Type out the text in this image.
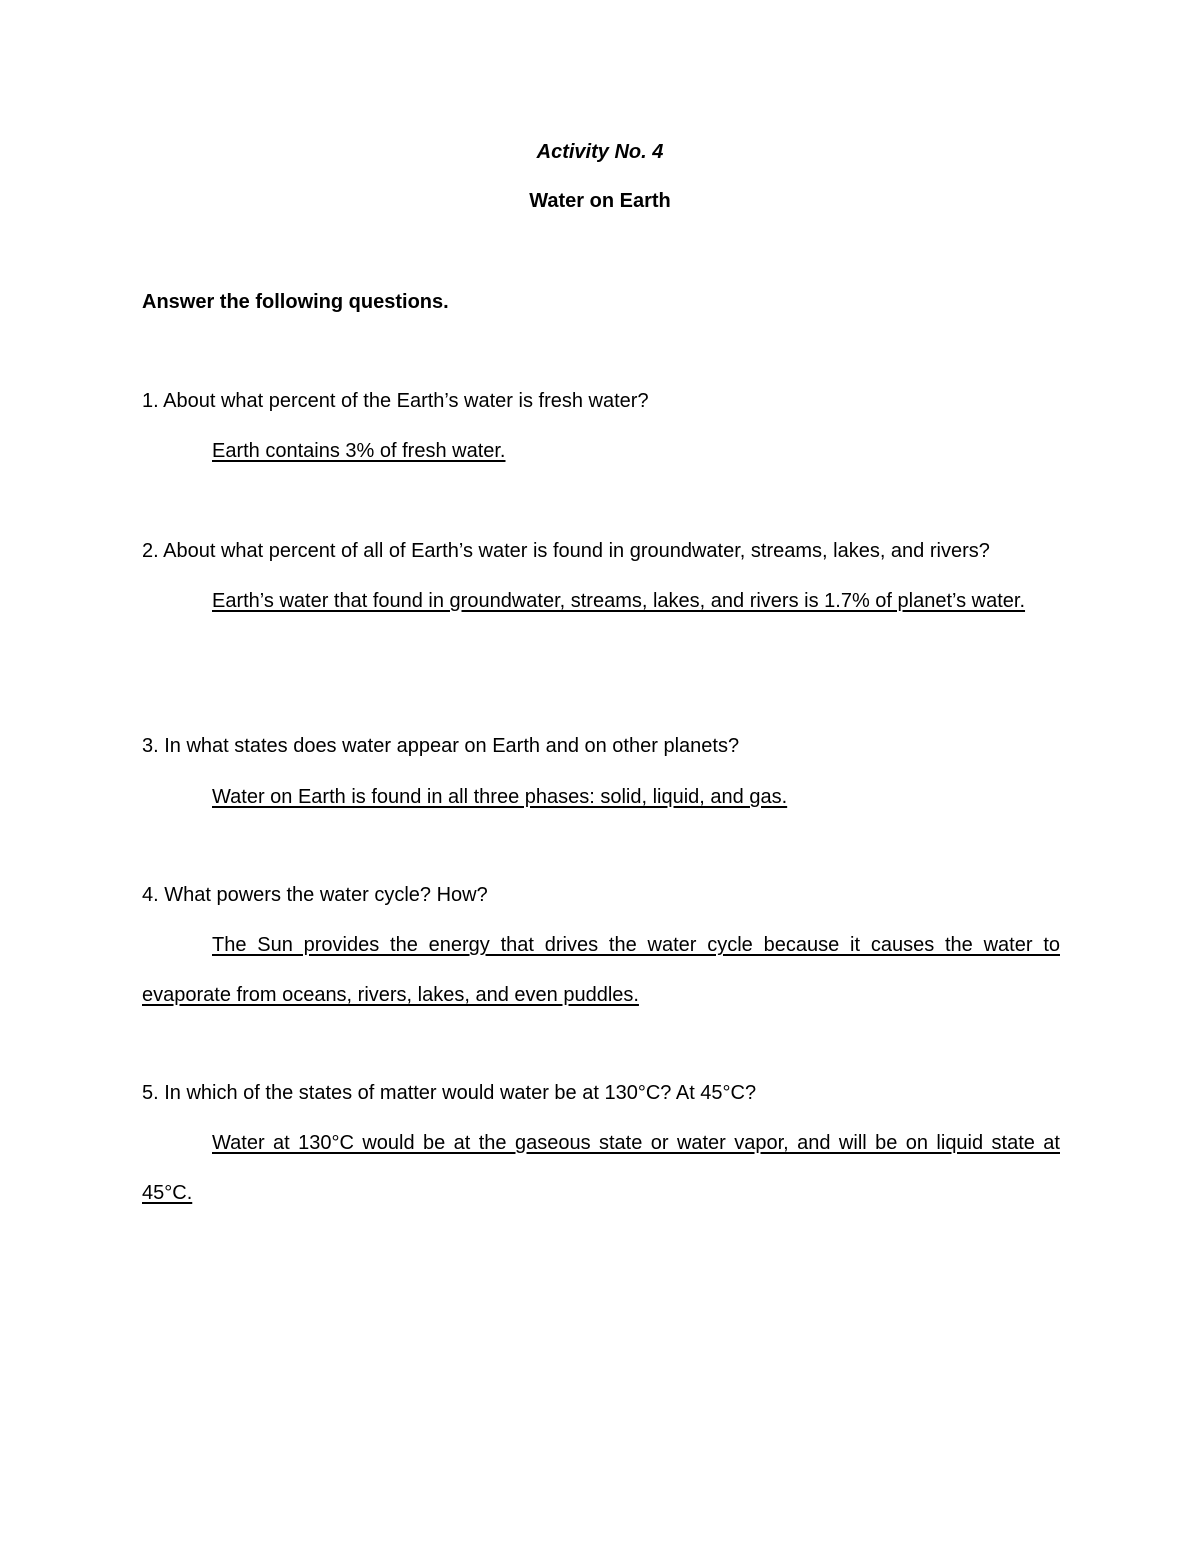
Activity No. 4

Water on Earth

Answer the following questions.

1. About what percent of the Earth’s water is fresh water?

Earth contains 3% of fresh water.

2. About what percent of all of Earth’s water is found in groundwater, streams, lakes, and rivers?

Earth’s water that found in groundwater, streams, lakes, and rivers is 1.7% of planet’s water.

3. In what states does water appear on Earth and on other planets?

Water on Earth is found in all three phases: solid, liquid, and gas.

4. What powers the water cycle? How?

The Sun provides the energy that drives the water cycle because it causes the water to evaporate from oceans, rivers, lakes, and even puddles.

5. In which of the states of matter would water be at 130°C? At 45°C?

Water at 130°C would be at the gaseous state or water vapor, and will be on liquid state at 45°C.
